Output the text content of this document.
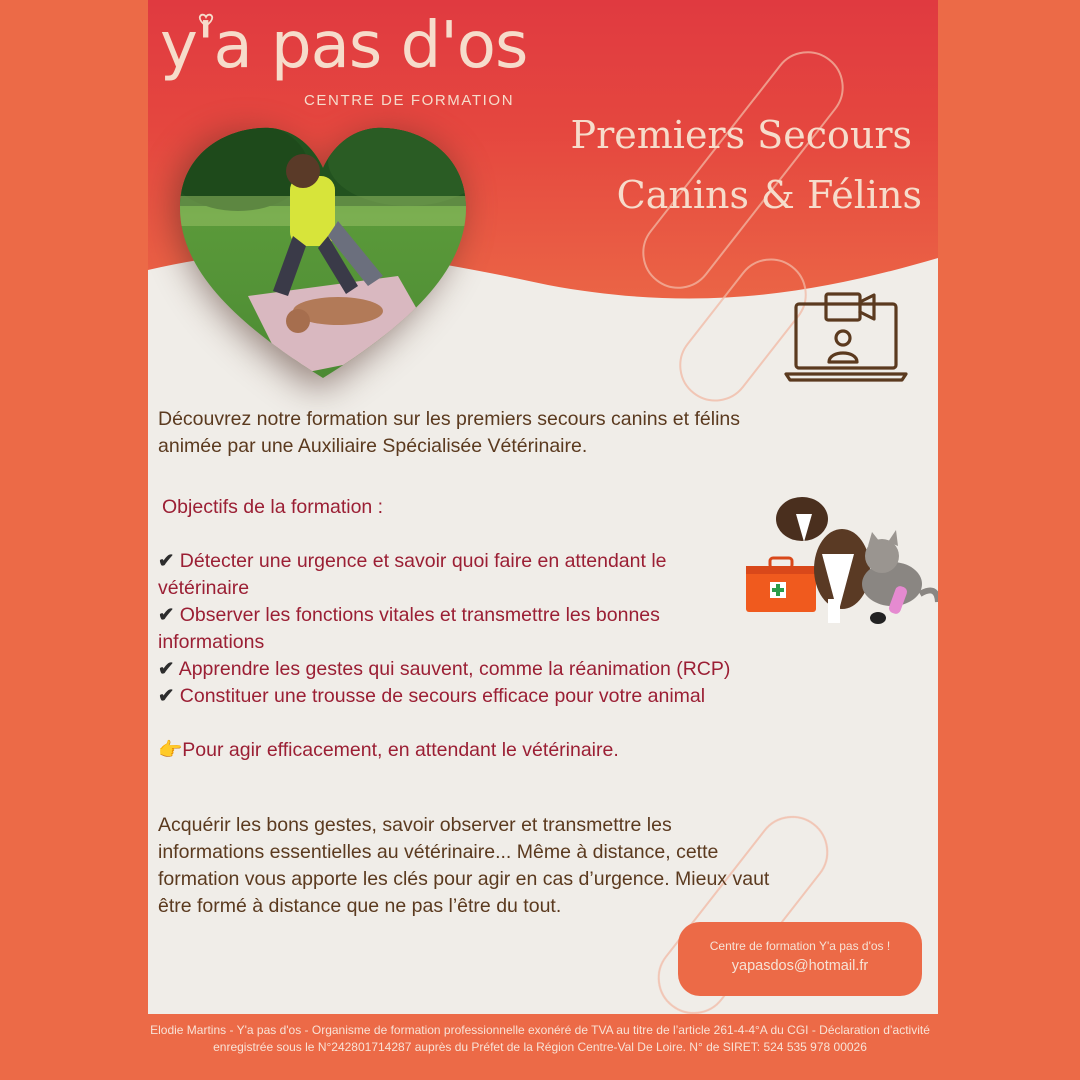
y'a pas d'os
CENTRE DE FORMATION
Premiers Secours
Canins & Félins

Découvrez notre formation sur les premiers secours canins et félins animée par une Auxiliaire Spécialisée Vétérinaire.

Objectifs de la formation :

✔ Détecter une urgence et savoir quoi faire en attendant le vétérinaire
✔ Observer les fonctions vitales et transmettre les bonnes informations
✔ Apprendre les gestes qui sauvent, comme la réanimation (RCP)
✔ Constituer une trousse de secours efficace pour votre animal

👉Pour agir efficacement, en attendant le vétérinaire.

Acquérir les bons gestes, savoir observer et transmettre les informations essentielles au vétérinaire... Même à distance, cette formation vous apporte les clés pour agir en cas d’urgence. Mieux vaut être formé à distance que ne pas l’être du tout.

Centre de formation Y'a pas d'os !
yapasdos@hotmail.fr

Elodie Martins - Y'a pas d'os - Organisme de formation professionnelle exonéré de TVA au titre de l’article 261-4-4°A du CGI - Déclaration d’activité enregistrée sous le N°242801714287 auprès du Préfet de la Région Centre-Val De Loire. N° de SIRET: 524 535 978 00026
